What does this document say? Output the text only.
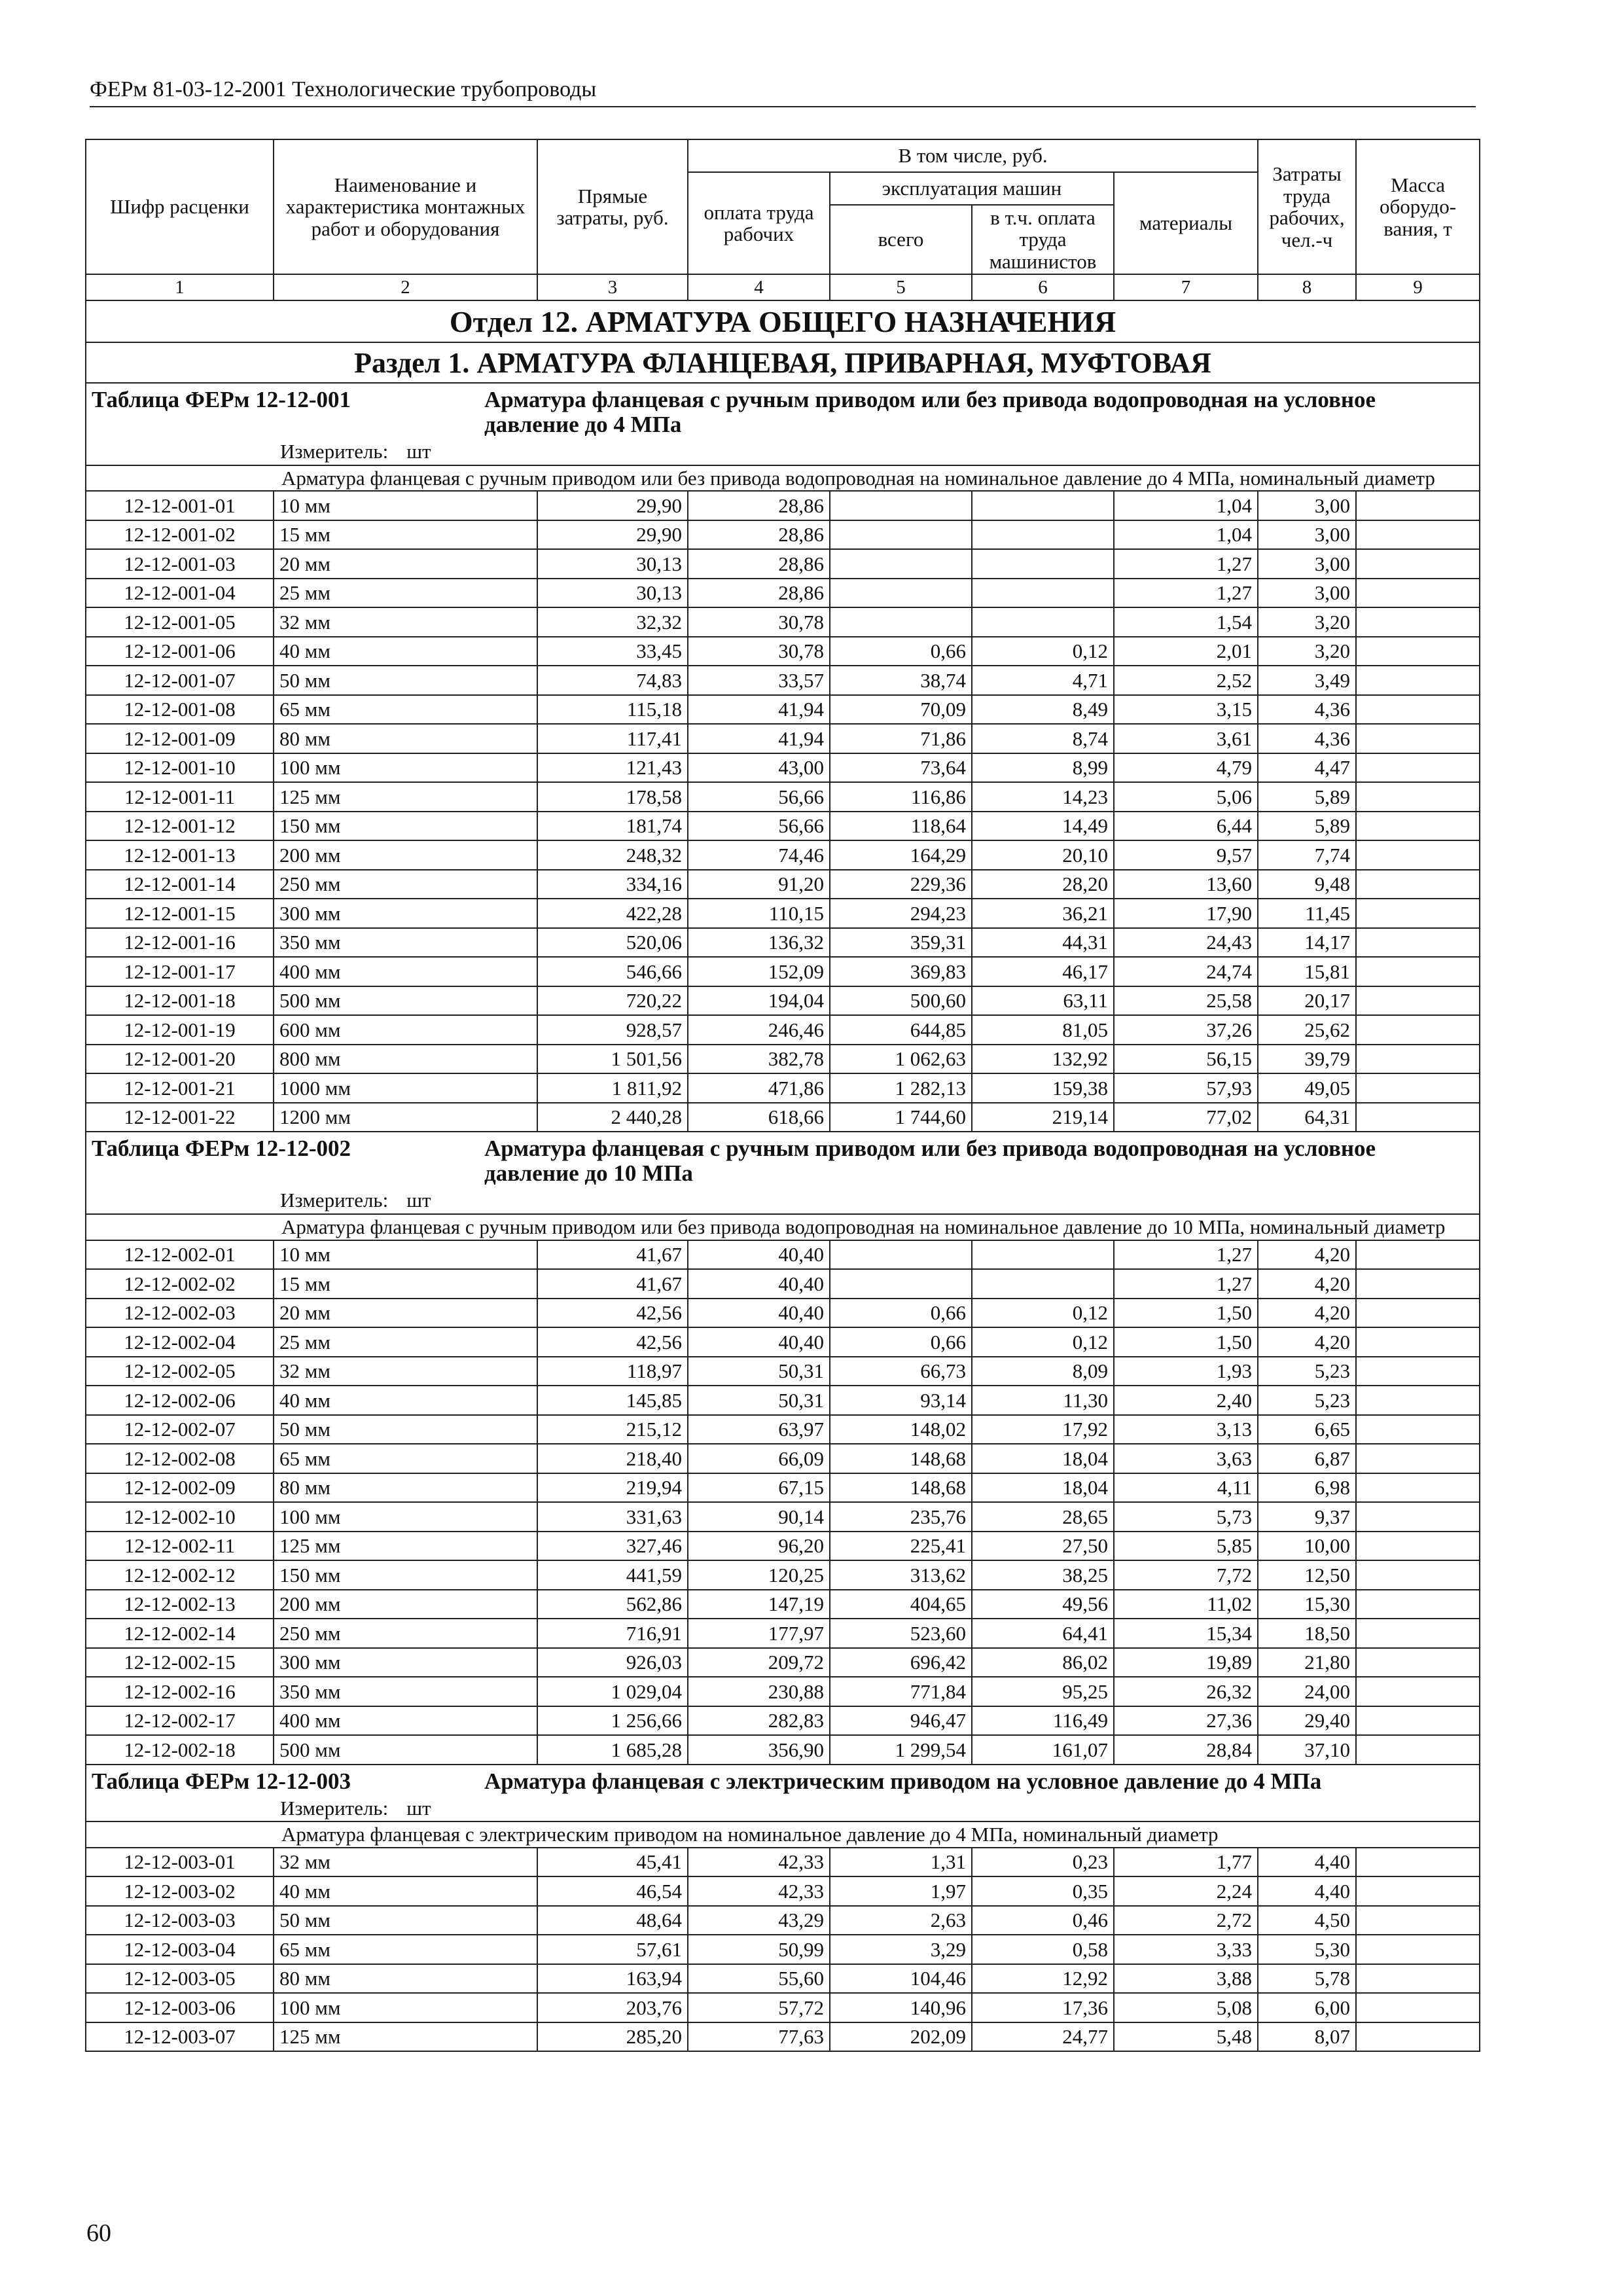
ФЕРм 81-03-12-2001 Технологические трубопроводы
Шифр расценки	Наименование и характеристика монтажных работ и оборудования	Прямые затраты, руб.	В том числе, руб.				Затраты труда рабочих, чел.-ч	Масса оборудо-вания, т
			оплата труда рабочих	эксплуатация машин		материалы		
				всего	в т.ч. оплата труда машинистов			

1	2	3	4	5	6	7	8	9
Отдел 12. АРМАТУРА ОБЩЕГО НАЗНАЧЕНИЯ								
Раздел 1. АРМАТУРА ФЛАНЦЕВАЯ, ПРИВАРНАЯ, МУФТОВАЯ								

Таблица ФЕРм 12-12-001 Арматура фланцевая с ручным приводом или без привода водопроводная на условное давление до 4 МПа								

Измеритель: шт								

Арматура фланцевая с ручным приводом или без привода водопроводная на номинальное давление до 4 МПа, номинальный диаметр								
12-12-001-01	10 мм	29,90	28,86			1,04	3,00	
12-12-001-02	15 мм	29,90	28,86			1,04	3,00	
12-12-001-03	20 мм	30,13	28,86			1,27	3,00	
12-12-001-04	25 мм	30,13	28,86			1,27	3,00	
12-12-001-05	32 мм	32,32	30,78			1,54	3,20	
12-12-001-06	40 мм	33,45	30,78	0,66	0,12	2,01	3,20	
12-12-001-07	50 мм	74,83	33,57	38,74	4,71	2,52	3,49	
12-12-001-08	65 мм	115,18	41,94	70,09	8,49	3,15	4,36	
12-12-001-09	80 мм	117,41	41,94	71,86	8,74	3,61	4,36	
12-12-001-10	100 мм	121,43	43,00	73,64	8,99	4,79	4,47	
12-12-001-11	125 мм	178,58	56,66	116,86	14,23	5,06	5,89	
12-12-001-12	150 мм	181,74	56,66	118,64	14,49	6,44	5,89	
12-12-001-13	200 мм	248,32	74,46	164,29	20,10	9,57	7,74	
12-12-001-14	250 мм	334,16	91,20	229,36	28,20	13,60	9,48	
12-12-001-15	300 мм	422,28	110,15	294,23	36,21	17,90	11,45	
12-12-001-16	350 мм	520,06	136,32	359,31	44,31	24,43	14,17	
12-12-001-17	400 мм	546,66	152,09	369,83	46,17	24,74	15,81	
12-12-001-18	500 мм	720,22	194,04	500,60	63,11	25,58	20,17	
12-12-001-19	600 мм	928,57	246,46	644,85	81,05	37,26	25,62	
12-12-001-20	800 мм	1 501,56	382,78	1 062,63	132,92	56,15	39,79	
12-12-001-21	1000 мм	1 811,92	471,86	1 282,13	159,38	57,93	49,05	
12-12-001-22	1200 мм	2 440,28	618,66	1 744,60	219,14	77,02	64,31	

Таблица ФЕРм 12-12-002 Арматура фланцевая с ручным приводом или без привода водопроводная на условное давление до 10 МПа								

Измеритель: шт								

Арматура фланцевая с ручным приводом или без привода водопроводная на номинальное давление до 10 МПа, номинальный диаметр								
12-12-002-01	10 мм	41,67	40,40			1,27	4,20	
12-12-002-02	15 мм	41,67	40,40			1,27	4,20	
12-12-002-03	20 мм	42,56	40,40	0,66	0,12	1,50	4,20	
12-12-002-04	25 мм	42,56	40,40	0,66	0,12	1,50	4,20	
12-12-002-05	32 мм	118,97	50,31	66,73	8,09	1,93	5,23	
12-12-002-06	40 мм	145,85	50,31	93,14	11,30	2,40	5,23	
12-12-002-07	50 мм	215,12	63,97	148,02	17,92	3,13	6,65	
12-12-002-08	65 мм	218,40	66,09	148,68	18,04	3,63	6,87	
12-12-002-09	80 мм	219,94	67,15	148,68	18,04	4,11	6,98	
12-12-002-10	100 мм	331,63	90,14	235,76	28,65	5,73	9,37	
12-12-002-11	125 мм	327,46	96,20	225,41	27,50	5,85	10,00	
12-12-002-12	150 мм	441,59	120,25	313,62	38,25	7,72	12,50	
12-12-002-13	200 мм	562,86	147,19	404,65	49,56	11,02	15,30	
12-12-002-14	250 мм	716,91	177,97	523,60	64,41	15,34	18,50	
12-12-002-15	300 мм	926,03	209,72	696,42	86,02	19,89	21,80	
12-12-002-16	350 мм	1 029,04	230,88	771,84	95,25	26,32	24,00	
12-12-002-17	400 мм	1 256,66	282,83	946,47	116,49	27,36	29,40	
12-12-002-18	500 мм	1 685,28	356,90	1 299,54	161,07	28,84	37,10	

Таблица ФЕРм 12-12-003 Арматура фланцевая с электрическим приводом на условное давление до 4 МПа								

Измеритель: шт								

Арматура фланцевая с электрическим приводом на номинальное давление до 4 МПа, номинальный диаметр								
12-12-003-01	32 мм	45,41	42,33	1,31	0,23	1,77	4,40	
12-12-003-02	40 мм	46,54	42,33	1,97	0,35	2,24	4,40	
12-12-003-03	50 мм	48,64	43,29	2,63	0,46	2,72	4,50	
12-12-003-04	65 мм	57,61	50,99	3,29	0,58	3,33	5,30	
12-12-003-05	80 мм	163,94	55,60	104,46	12,92	3,88	5,78	
12-12-003-06	100 мм	203,76	57,72	140,96	17,36	5,08	6,00	
12-12-003-07	125 мм	285,20	77,63	202,09	24,77	5,48	8,07	
60
